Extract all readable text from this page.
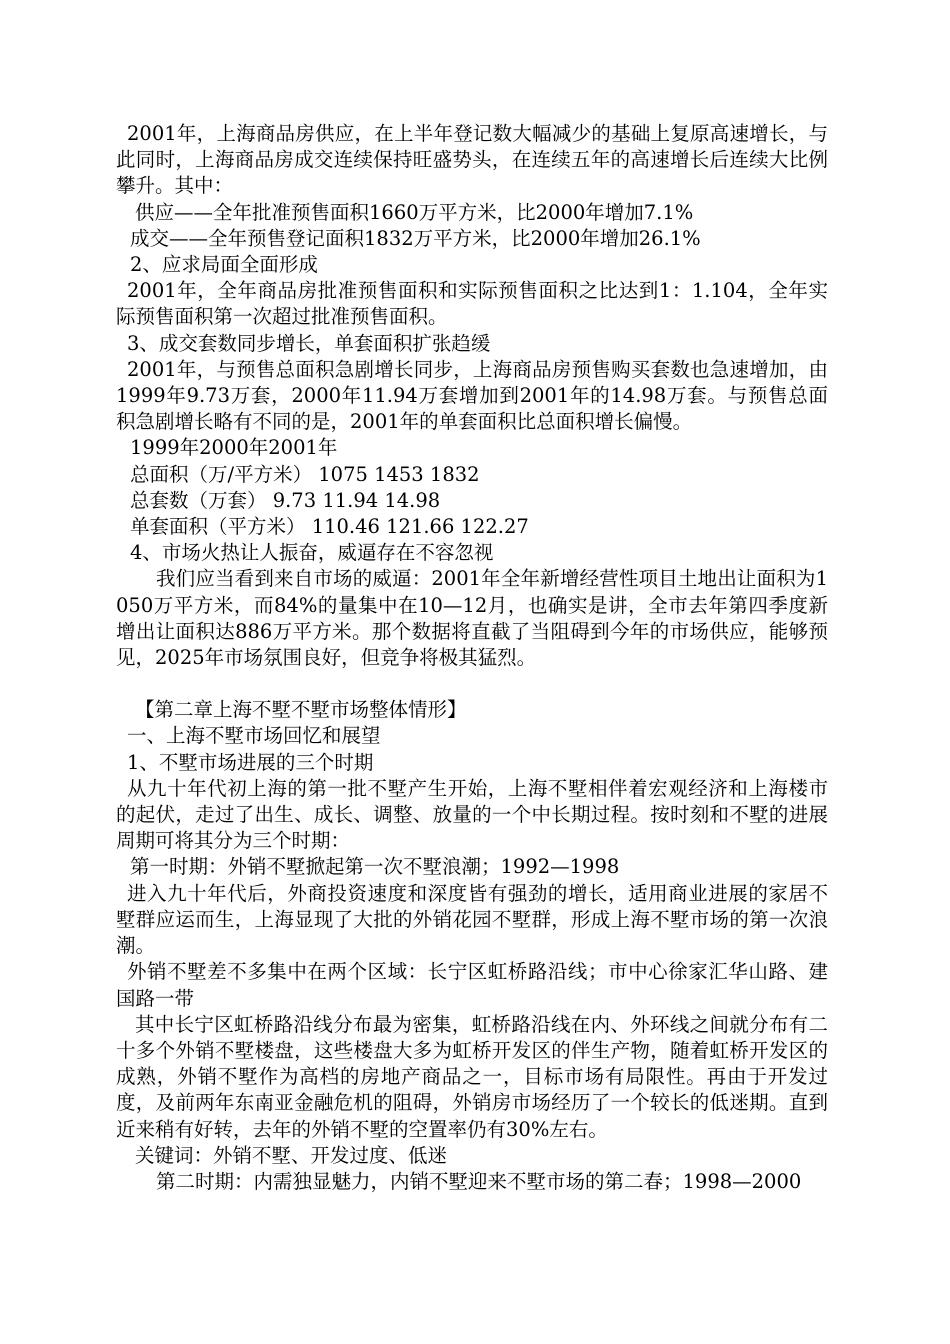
2001年，上海商品房供应，在上半年登记数大幅减少的基础上复原高速增长，与此同时，上海商品房成交连续保持旺盛势头，在连续五年的高速增长后连续大比例攀升。其中：

供应——全年批准预售面积1660万平方米，比2000年增加7.1%

成交——全年预售登记面积1832万平方米，比2000年增加26.1%

2、应求局面全面形成

2001年，全年商品房批准预售面积和实际预售面积之比达到1：1.104，全年实际预售面积第一次超过批准预售面积。

3、成交套数同步增长，单套面积扩张趋缓

2001年，与预售总面积急剧增长同步，上海商品房预售购买套数也急速增加，由1999年9.73万套，2000年11.94万套增加到2001年的14.98万套。与预售总面积急剧增长略有不同的是，2001年的单套面积比总面积增长偏慢。

1999年2000年2001年

总面积（万/平方米） 1075 1453 1832

总套数（万套） 9.73 11.94 14.98

单套面积（平方米） 110.46 121.66 122.27

4、市场火热让人振奋，威逼存在不容忽视

我们应当看到来自市场的威逼：2001年全年新增经营性项目土地出让面积为1050万平方米，而84%的量集中在10—12月，也确实是讲，全市去年第四季度新增出让面积达886万平方米。那个数据将直截了当阻碍到今年的市场供应，能够预见，2025年市场氛围良好，但竞争将极其猛烈。

【第二章上海不墅不墅市场整体情形】

一、上海不墅市场回忆和展望

1、不墅市场进展的三个时期

从九十年代初上海的第一批不墅产生开始，上海不墅相伴着宏观经济和上海楼市的起伏，走过了出生、成长、调整、放量的一个中长期过程。按时刻和不墅的进展周期可将其分为三个时期：

第一时期：外销不墅掀起第一次不墅浪潮；1992—1998

进入九十年代后，外商投资速度和深度皆有强劲的增长，适用商业进展的家居不墅群应运而生，上海显现了大批的外销花园不墅群，形成上海不墅市场的第一次浪潮。

外销不墅差不多集中在两个区域：长宁区虹桥路沿线；市中心徐家汇华山路、建国路一带

其中长宁区虹桥路沿线分布最为密集，虹桥路沿线在内、外环线之间就分布有二十多个外销不墅楼盘，这些楼盘大多为虹桥开发区的伴生产物，随着虹桥开发区的成熟，外销不墅作为高档的房地产商品之一，目标市场有局限性。再由于开发过度，及前两年东南亚金融危机的阻碍，外销房市场经历了一个较长的低迷期。直到近来稍有好转，去年的外销不墅的空置率仍有30%左右。

关键词：外销不墅、开发过度、低迷

第二时期：内需独显魅力，内销不墅迎来不墅市场的第二春；1998—2000
